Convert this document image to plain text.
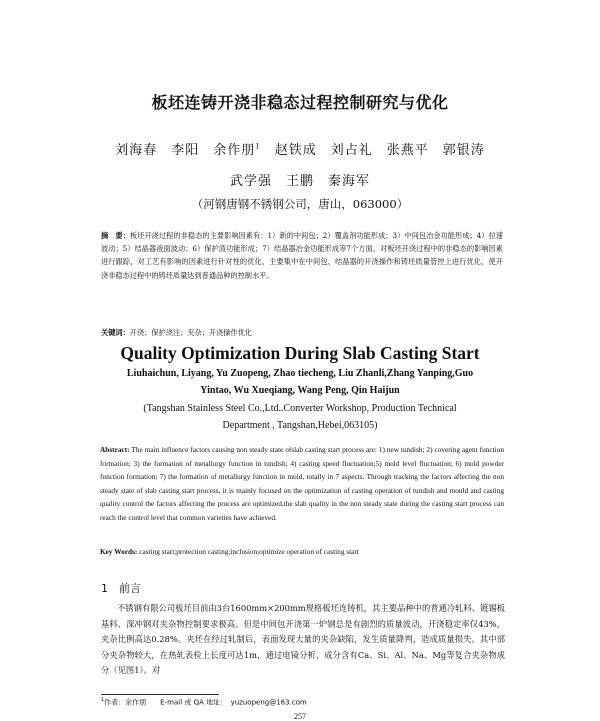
板坯连铸开浇非稳态过程控制研究与优化
刘海春　李阳　余作朋$^1$　赵铁成　刘占礼　张燕平　郭银涛
武学强　王鹏　秦海军
（河钢唐钢不锈钢公司，唐山，063000）
摘　要：板坯开浇过程的非稳态的主要影响因素有：1）新的中间包；2）覆盖剂功能形成；3）中间包冶金功能形成；4）拉速波动；5）结晶器液面波动；6）保护渣功能形成；7）结晶器冶金功能形成等7个方面。对板坯开浇过程中的非稳态的影响因素进行跟踪，对工艺有影响的因素进行针对性的优化，主要集中在中间包、结晶器的开浇操作和铸坯质量管控上进行优化，使开浇非稳态过程中的铸坯质量达到普通品种的控制水平。
关键词：开浇；保护浇注；夹杂；开浇操作优化
Quality Optimization During Slab Casting Start
Liuhaichun, Liyang, Yu Zuopeng, Zhao tiecheng, Liu Zhanli,Zhang Yanping,Guo Yintao, Wu Xueqiang, Wang Peng, Qin Haijun
(Tangshan Stainless Steel Co.,Ltd..Converter Workshop, Production Technical Department , Tangshan,Hebei,063105)
Abstract: The main influence factors causing non steady state ofslab casting start process are: 1) new tundish; 2) covering agent function formation; 3) the formation of metallurgy function in tundish; 4) casting speed fluctuation;5) mold level fluctuation; 6) mold powder function formation; 7) the formation of metallurgy function in mold, totally in 7 aspects. Through tracking the factors affecting the non steady state of slab casting start process, it is mainly focused on the optimization of casting operation of tundish and mould and casting quality control the factors affecting the process are optimized,the slab quality in the non steady state during the casting start process can reach the control level that common varieties have achieved.
Key Words: casting start;protection casting;inclusion;optimize operation of casting start
1　前言
不锈钢有限公司板坯目前由3台1600mm×200mm规格板坯连铸机，其主要品种中的普通冷轧料、镀锡板基料、深冲钢对夹杂物控制要求极高。但是中间包开浇第一炉钢总是有剧烈的质量波动，开浇稳定率仅43%，夹杂比例高达0.28%。夹坯在经过轧制后，表面发现大量的夹杂缺陷，发生质量降判，造成质量损失。其中部分夹杂物较大，在热轧表检上长度可达1m，通过电镜分析，成分含有Ca、Si、Al、Na、Mg等复合夹杂物成分（见图1）。对
$^1$作者：余作朋　　E-mail 或 QA 地址：　yuzuopeng@163.com
257
